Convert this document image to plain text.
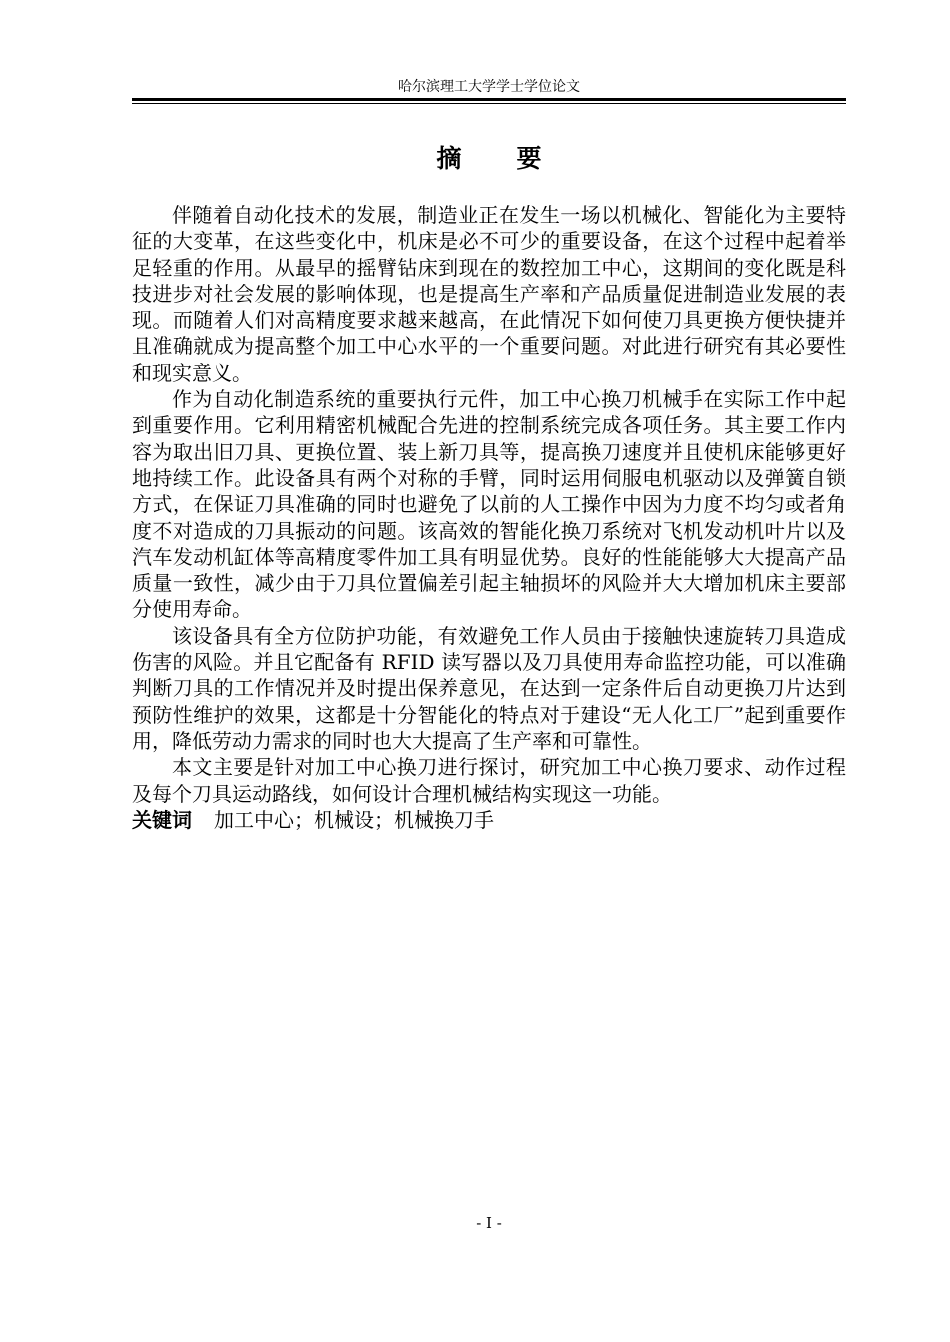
哈尔滨理工大学学士学位论文
摘要

伴随着自动化技术的发展，制造业正在发生一场以机械化、智能化为主要特征的大变革，在这些变化中，机床是必不可少的重要设备，在这个过程中起着举足轻重的作用。从最早的摇臂钻床到现在的数控加工中心，这期间的变化既是科技进步对社会发展的影响体现，也是提高生产率和产品质量促进制造业发展的表现。而随着人们对高精度要求越来越高，在此情况下如何使刀具更换方便快捷并且准确就成为提高整个加工中心水平的一个重要问题。对此进行研究有其必要性和现实意义。

作为自动化制造系统的重要执行元件，加工中心换刀机械手在实际工作中起到重要作用。它利用精密机械配合先进的控制系统完成各项任务。其主要工作内容为取出旧刀具、更换位置、装上新刀具等，提高换刀速度并且使机床能够更好地持续工作。此设备具有两个对称的手臂，同时运用伺服电机驱动以及弹簧自锁方式，在保证刀具准确的同时也避免了以前的人工操作中因为力度不均匀或者角度不对造成的刀具振动的问题。该高效的智能化换刀系统对飞机发动机叶片以及汽车发动机缸体等高精度零件加工具有明显优势。良好的性能能够大大提高产品质量一致性，减少由于刀具位置偏差引起主轴损坏的风险并大大增加机床主要部分使用寿命。

该设备具有全方位防护功能，有效避免工作人员由于接触快速旋转刀具造成伤害的风险。并且它配备有 RFID 读写器以及刀具使用寿命监控功能，可以准确判断刀具的工作情况并及时提出保养意见，在达到一定条件后自动更换刀片达到预防性维护的效果，这都是十分智能化的特点对于建设“无人化工厂”起到重要作用，降低劳动力需求的同时也大大提高了生产率和可靠性。

本文主要是针对加工中心换刀进行探讨，研究加工中心换刀要求、动作过程及每个刀具运动路线，如何设计合理机械结构实现这一功能。

关键词 加工中心；机械设；机械换刀手
- I -
